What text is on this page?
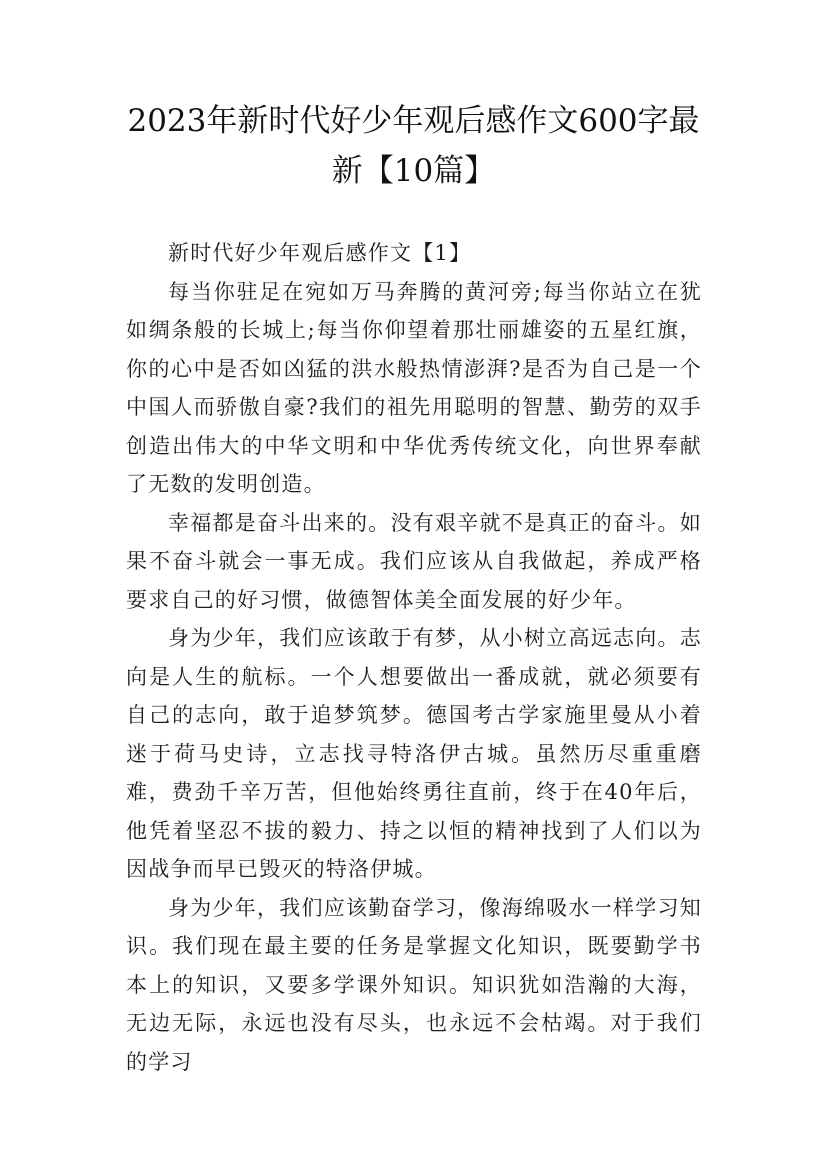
2023年新时代好少年观后感作文600字最新【10篇】

新时代好少年观后感作文【1】

每当你驻足在宛如万马奔腾的黄河旁;每当你站立在犹如绸条般的长城上;每当你仰望着那壮丽雄姿的五星红旗，你的心中是否如凶猛的洪水般热情澎湃?是否为自己是一个中国人而骄傲自豪?我们的祖先用聪明的智慧、勤劳的双手创造出伟大的中华文明和中华优秀传统文化，向世界奉献了无数的发明创造。

幸福都是奋斗出来的。没有艰辛就不是真正的奋斗。如果不奋斗就会一事无成。我们应该从自我做起，养成严格要求自己的好习惯，做德智体美全面发展的好少年。

身为少年，我们应该敢于有梦，从小树立高远志向。志向是人生的航标。一个人想要做出一番成就，就必须要有自己的志向，敢于追梦筑梦。德国考古学家施里曼从小着迷于荷马史诗，立志找寻特洛伊古城。虽然历尽重重磨难，费劲千辛万苦，但他始终勇往直前，终于在40年后，他凭着坚忍不拔的毅力、持之以恒的精神找到了人们以为因战争而早已毁灭的特洛伊城。

身为少年，我们应该勤奋学习，像海绵吸水一样学习知识。我们现在最主要的任务是掌握文化知识，既要勤学书本上的知识，又要多学课外知识。知识犹如浩瀚的大海，无边无际，永远也没有尽头，也永远不会枯竭。对于我们的学习
